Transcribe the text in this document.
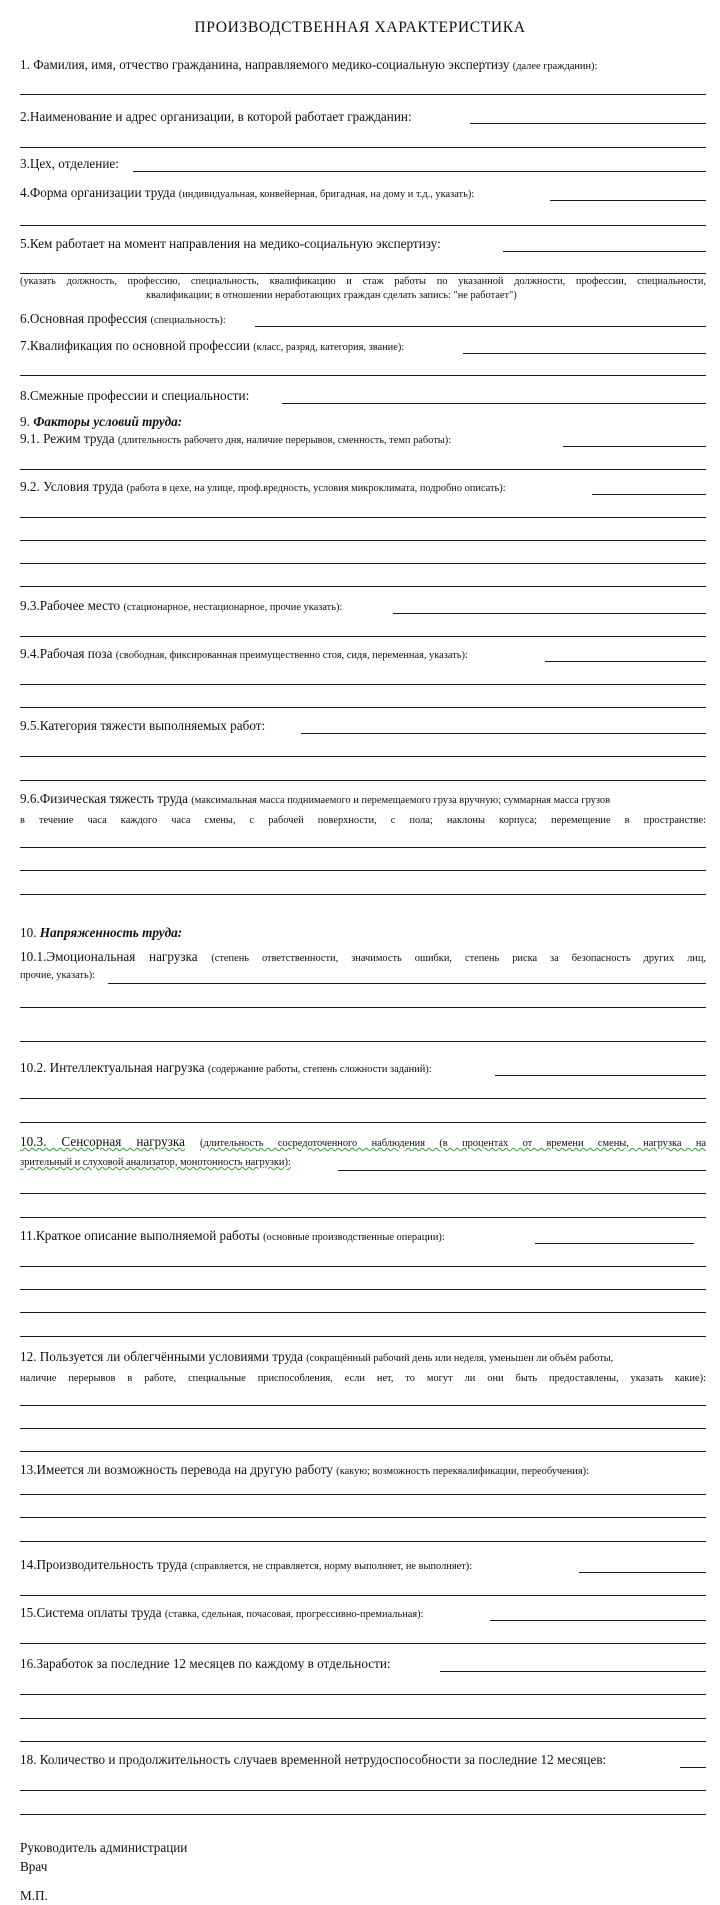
ПРОИЗВОДСТВЕННАЯ ХАРАКТЕРИСТИКА
1. Фамилия, имя, отчество гражданина, направляемого медико-социальную экспертизу (далее гражданин):
2.Наименование и адрес организации, в которой работает гражданин:
3.Цех, отделение:
4.Форма организации труда (индивидуальная, конвейерная, бригадная, на дому и т.д., указать):
5.Кем работает на момент направления на медико-социальную экспертизу:
(указать должность, профессию, специальность, квалификацию и стаж работы по указанной должности, профессии, специальности,
квалификации; в отношении неработающих граждан сделать запись: "не работает")
6.Основная профессия (специальность):
7.Квалификация по основной профессии (класс, разряд, категория, звание):
8.Смежные профессии и специальности:
9. Факторы условий труда:
9.1. Режим труда (длительность рабочего дня, наличие перерывов, сменность, темп работы):
9.2. Условия труда (работа в цехе, на улице, проф.вредность, условия микроклимата, подробно описать):
9.3.Рабочее место (стационарное, нестационарное, прочие указать):
9.4.Рабочая поза (свободная, фиксированная преимущественно стоя, сидя, переменная, указать):
9.5.Категория тяжести выполняемых работ:
9.6.Физическая тяжесть труда (максимальная масса поднимаемого и перемещаемого груза вручную; суммарная масса грузов
в течение часа каждого часа смены, с рабочей поверхности, с пола; наклоны корпуса; перемещение в пространстве:
10. Напряженность труда:
10.1.Эмоциональная нагрузка (степень ответственности, значимость ошибки, степень риска за безопасность других лиц,
прочие, указать):
10.2. Интеллектуальная нагрузка (содержание работы, степень сложности заданий):
10.3. Сенсорная нагрузка (длительность сосредоточенного наблюдения (в процентах от времени смены, нагрузка на
зрительный и слуховой анализатор, монотонность нагрузки):
11.Краткое описание выполняемой работы (основные производственные операции):
12. Пользуется ли облегчёнными условиями труда (сокращённый рабочий день или неделя, уменьшен ли объём работы,
наличие перерывов в работе, специальные приспособления, если нет, то могут ли они быть предоставлены, указать какие):
13.Имеется ли возможность перевода на другую работу (какую; возможность переквалификации, переобучения):
14.Производительность труда (справляется, не справляется, норму выполняет, не выполняет):
15.Система оплаты труда (ставка, сдельная, почасовая, прогрессивно-премиальная):
16.Заработок за последние 12 месяцев по каждому в отдельности:
18. Количество и продолжительность случаев временной нетрудоспособности за последние 12 месяцев:
Руководитель администрации
Врач
М.П.
